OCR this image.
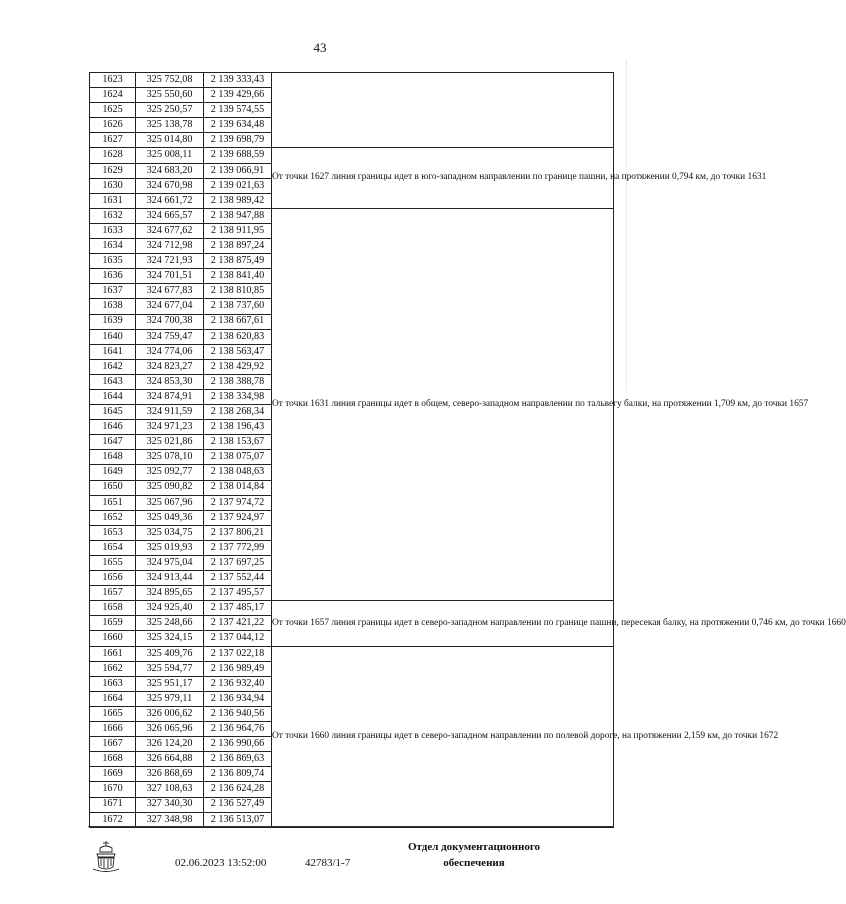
43
1623	325 752,08	2 139 333,43	
1624	325 550,60	2 139 429,66	
1625	325 250,57	2 139 574,55	
1626	325 138,78	2 139 634,48	
1627	325 014,80	2 139 698,79	
1628	325 008,11	2 139 688,59	От точки 1627 линия границы идет в юго-западном направлении по границе пашни, на протяжении 0,794 км, до точки 1631
1629	324 683,20	2 139 066,91	
1630	324 670,98	2 139 021,63	
1631	324 661,72	2 138 989,42	
1632	324 665,57	2 138 947,88	От точки 1631 линия границы идет в общем, северо-западном направлении по тальвегу балки, на протяжении 1,709 км, до точки 1657
1633	324 677,62	2 138 911,95	
1634	324 712,98	2 138 897,24	
1635	324 721,93	2 138 875,49	
1636	324 701,51	2 138 841,40	
1637	324 677,83	2 138 810,85	
1638	324 677,04	2 138 737,60	
1639	324 700,38	2 138 667,61	
1640	324 759,47	2 138 620,83	
1641	324 774,06	2 138 563,47	
1642	324 823,27	2 138 429,92	
1643	324 853,30	2 138 388,78	
1644	324 874,91	2 138 334,98	
1645	324 911,59	2 138 268,34	
1646	324 971,23	2 138 196,43	
1647	325 021,86	2 138 153,67	
1648	325 078,10	2 138 075,07	
1649	325 092,77	2 138 048,63	
1650	325 090,82	2 138 014,84	
1651	325 067,96	2 137 974,72	
1652	325 049,36	2 137 924,97	
1653	325 034,75	2 137 806,21	
1654	325 019,93	2 137 772,99	
1655	324 975,04	2 137 697,25	
1656	324 913,44	2 137 552,44	
1657	324 895,65	2 137 495,57	
1658	324 925,40	2 137 485,17	От точки 1657 линия границы идет в северо-западном направлении по границе пашни, пересекая балку, на протяжении 0,746 км, до точки 1660
1659	325 248,66	2 137 421,22	
1660	325 324,15	2 137 044,12	
1661	325 409,76	2 137 022,18	От точки 1660 линия границы идет в северо-западном направлении по полевой дороге, на протяжении 2,159 км, до точки 1672
1662	325 594,77	2 136 989,49	
1663	325 951,17	2 136 932,40	
1664	325 979,11	2 136 934,94	
1665	326 006,62	2 136 940,56	
1666	326 065,96	2 136 964,76	
1667	326 124,20	2 136 990,66	
1668	326 664,88	2 136 869,63	
1669	326 868,69	2 136 809,74	
1670	327 108,63	2 136 624,28	
1671	327 340,30	2 136 527,49	
1672	327 348,98	2 136 513,07	
02.06.2023 13:52:00	42783/1-7
Отдел документационного обеспечения
